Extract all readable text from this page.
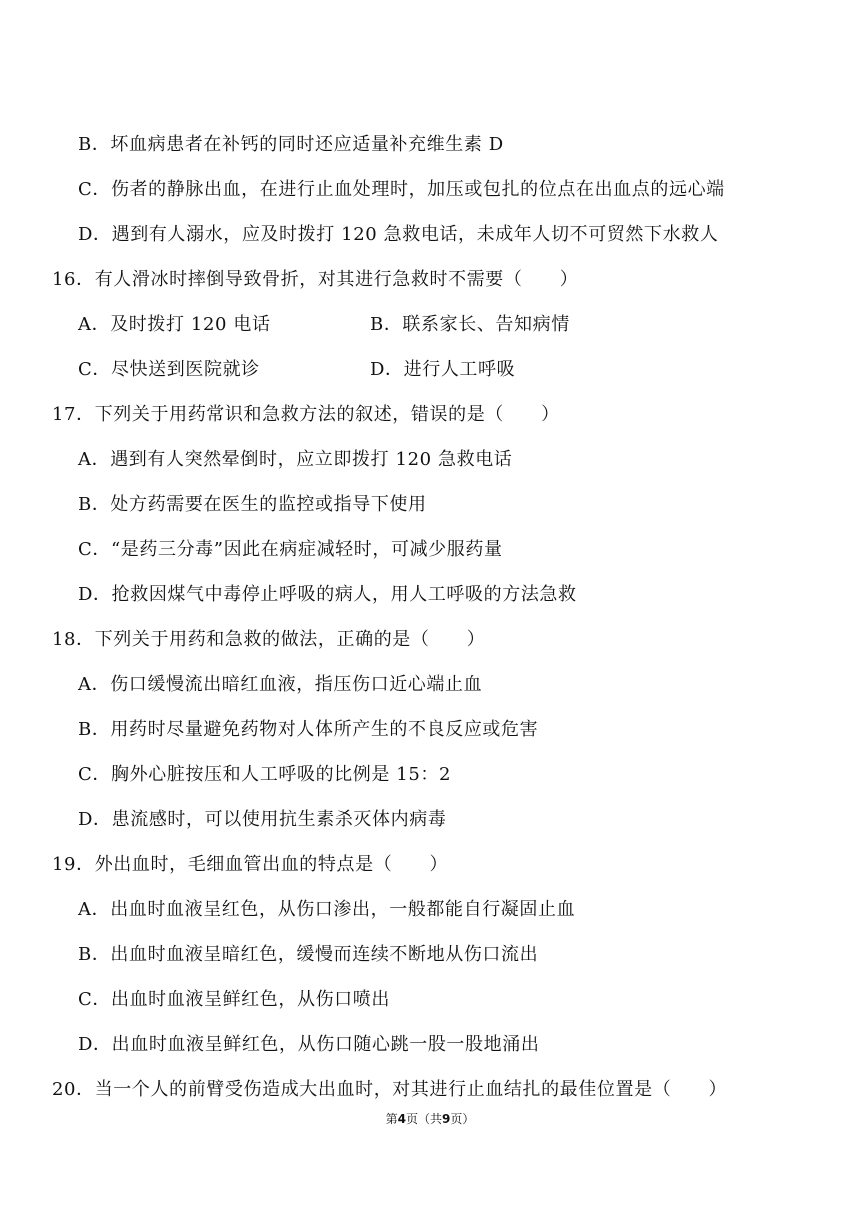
B．坏血病患者在补钙的同时还应适量补充维生素 D
C．伤者的静脉出血，在进行止血处理时，加压或包扎的位点在出血点的远心端
D．遇到有人溺水，应及时拨打 120 急救电话，未成年人切不可贸然下水救人
16．有人滑冰时摔倒导致骨折，对其进行急救时不需要（　　）
A．及时拨打 120 电话	B．联系家长、告知病情
C．尽快送到医院就诊	D．进行人工呼吸
17．下列关于用药常识和急救方法的叙述，错误的是（　　）
A．遇到有人突然晕倒时，应立即拨打 120 急救电话
B．处方药需要在医生的监控或指导下使用
C．“是药三分毒”因此在病症减轻时，可减少服药量
D．抢救因煤气中毒停止呼吸的病人，用人工呼吸的方法急救
18．下列关于用药和急救的做法，正确的是（　　）
A．伤口缓慢流出暗红血液，指压伤口近心端止血
B．用药时尽量避免药物对人体所产生的不良反应或危害
C．胸外心脏按压和人工呼吸的比例是 15：2
D．患流感时，可以使用抗生素杀灭体内病毒
19．外出血时，毛细血管出血的特点是（　　）
A．出血时血液呈红色，从伤口渗出，一般都能自行凝固止血
B．出血时血液呈暗红色，缓慢而连续不断地从伤口流出
C．出血时血液呈鲜红色，从伤口喷出
D．出血时血液呈鲜红色，从伤口随心跳一股一股地涌出
20．当一个人的前臂受伤造成大出血时，对其进行止血结扎的最佳位置是（　　）
第4页（共9页）
